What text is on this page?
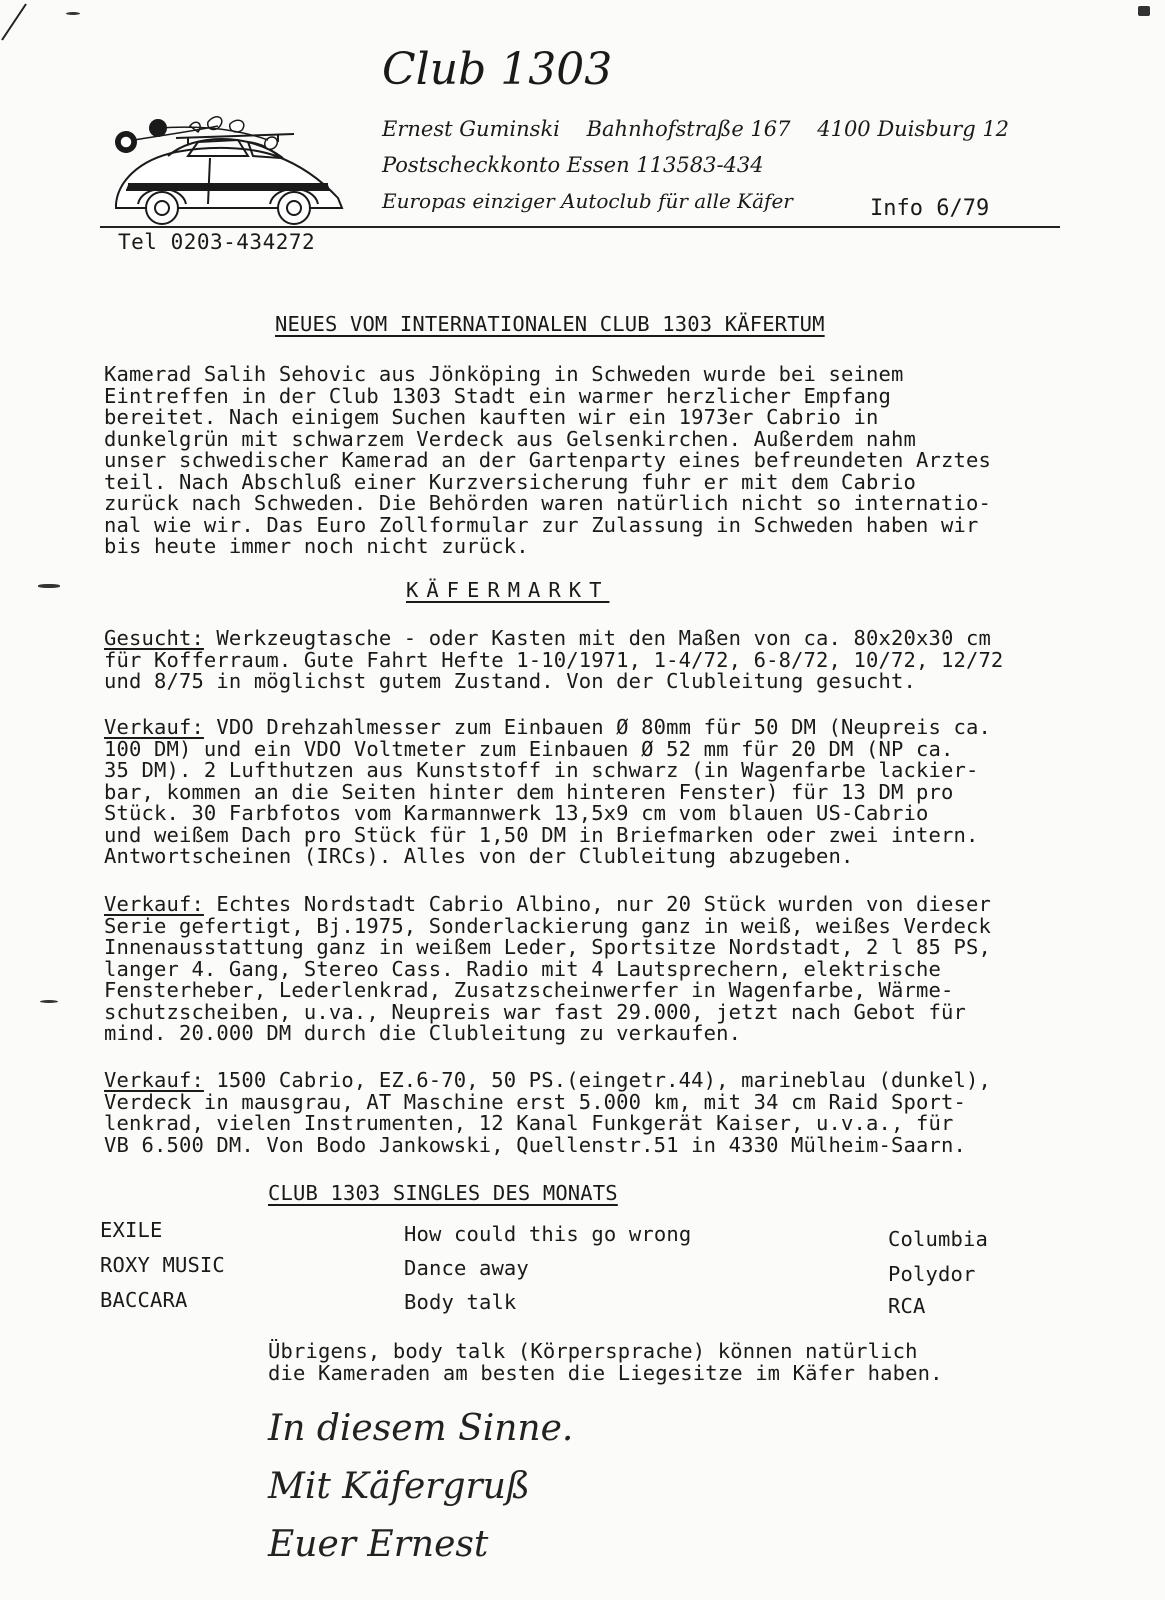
Club 1303
Ernest Guminski    Bahnhofstraße 167    4100 Duisburg 12
Postscheckkonto Essen 113583-434
Europas einziger Autoclub für alle Käfer	Info 6/79
Tel 0203-434272
NEUES VOM INTERNATIONALEN CLUB 1303 KÄFERTUM
Kamerad Salih Sehovic aus Jönköping in Schweden wurde bei seinem
Eintreffen in der Club 1303 Stadt ein warmer herzlicher Empfang
bereitet. Nach einigem Suchen kauften wir ein 1973er Cabrio in
dunkelgrün mit schwarzem Verdeck aus Gelsenkirchen. Außerdem nahm
unser schwedischer Kamerad an der Gartenparty eines befreundeten Arztes
teil. Nach Abschluß einer Kurzversicherung fuhr er mit dem Cabrio
zurück nach Schweden. Die Behörden waren natürlich nicht so internatio-
nal wie wir. Das Euro Zollformular zur Zulassung in Schweden haben wir
bis heute immer noch nicht zurück.
KÄFERMARKT
Gesucht: Werkzeugtasche - oder Kasten mit den Maßen von ca. 80x20x30 cm
für Kofferraum. Gute Fahrt Hefte 1-10/1971, 1-4/72, 6-8/72, 10/72, 12/72
und 8/75 in möglichst gutem Zustand. Von der Clubleitung gesucht.
Verkauf: VDO Drehzahlmesser zum Einbauen Ø 80mm für 50 DM (Neupreis ca.
100 DM) und ein VDO Voltmeter zum Einbauen Ø 52 mm für 20 DM (NP ca.
35 DM). 2 Lufthutzen aus Kunststoff in schwarz (in Wagenfarbe lackier-
bar, kommen an die Seiten hinter dem hinteren Fenster) für 13 DM pro
Stück. 30 Farbfotos vom Karmannwerk 13,5x9 cm vom blauen US-Cabrio
und weißem Dach pro Stück für 1,50 DM in Briefmarken oder zwei intern.
Antwortscheinen (IRCs). Alles von der Clubleitung abzugeben.
Verkauf: Echtes Nordstadt Cabrio Albino, nur 20 Stück wurden von dieser
Serie gefertigt, Bj.1975, Sonderlackierung ganz in weiß, weißes Verdeck
Innenausstattung ganz in weißem Leder, Sportsitze Nordstadt, 2 l 85 PS,
langer 4. Gang, Stereo Cass. Radio mit 4 Lautsprechern, elektrische
Fensterheber, Lederlenkrad, Zusatzscheinwerfer in Wagenfarbe, Wärme-
schutzscheiben, u.va., Neupreis war fast 29.000, jetzt nach Gebot für
mind. 20.000 DM durch die Clubleitung zu verkaufen.
Verkauf: 1500 Cabrio, EZ.6-70, 50 PS.(eingetr.44), marineblau (dunkel),
Verdeck in mausgrau, AT Maschine erst 5.000 km, mit 34 cm Raid Sport-
lenkrad, vielen Instrumenten, 12 Kanal Funkgerät Kaiser, u.v.a., für
VB 6.500 DM. Von Bodo Jankowski, Quellenstr.51 in 4330 Mülheim-Saarn.
CLUB 1303 SINGLES DES MONATS
EXILE	How could this go wrong	Columbia
ROXY MUSIC	Dance away	Polydor
BACCARA	Body talk	RCA
Übrigens, body talk (Körpersprache) können natürlich
die Kameraden am besten die Liegesitze im Käfer haben.
In diesem Sinne.
Mit Käfergruß
Euer Ernest
